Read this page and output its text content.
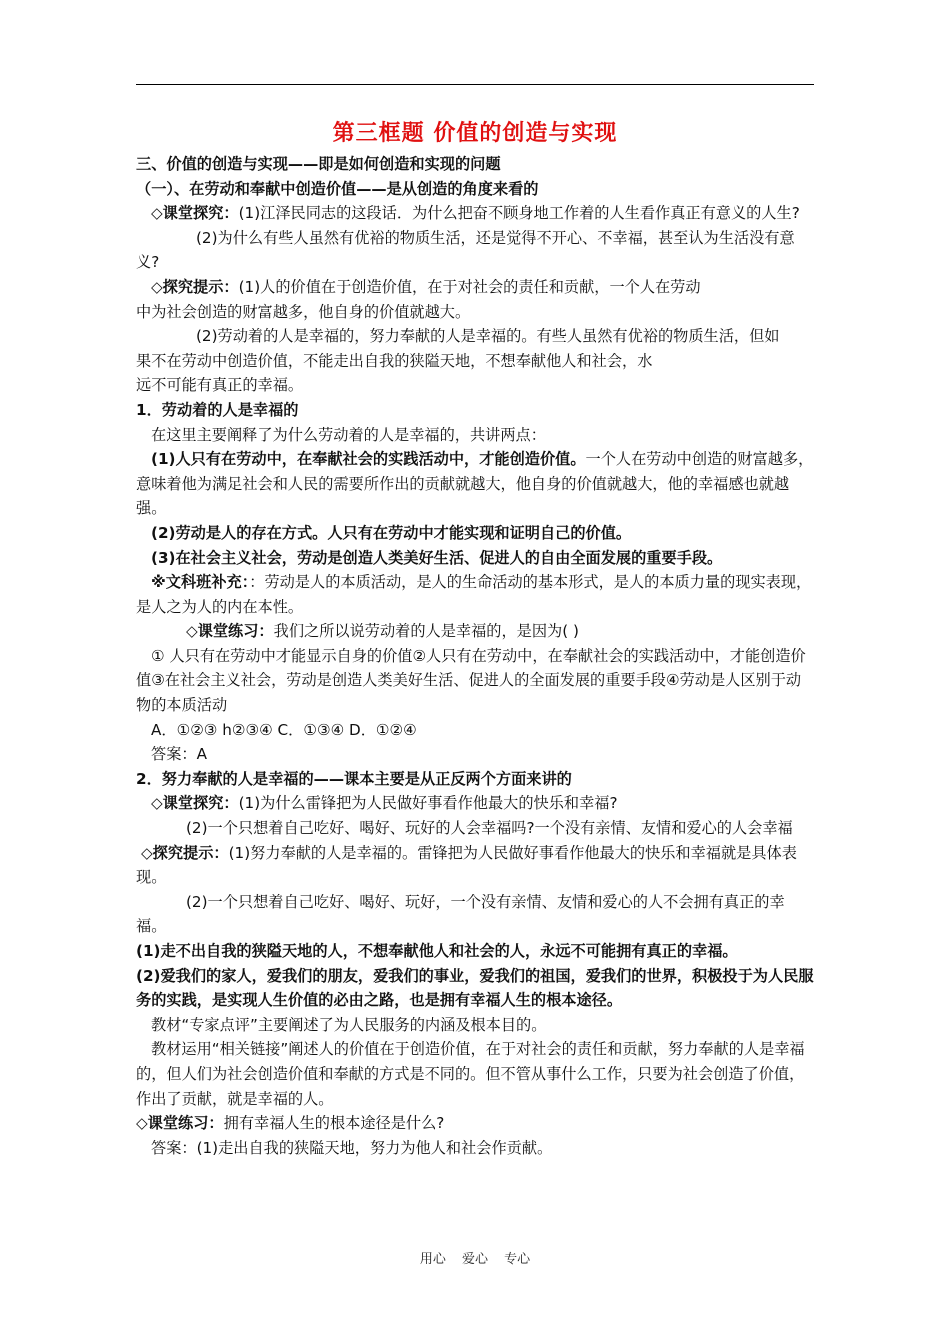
第三框题 价值的创造与实现
三、价值的创造与实现——即是如何创造和实现的问题
（一）、在劳动和奉献中创造价值——是从创造的角度来看的
◇课堂探究：(1)江泽民同志的这段话．为什么把奋不顾身地工作着的人生看作真正有意义的人生?
(2)为什么有些人虽然有优裕的物质生活，还是觉得不开心、不幸福，甚至认为生活没有意义?
◇探究提示：(1)人的价值在于创造价值，在于对社会的责任和贡献，一个人在劳动
中为社会创造的财富越多，他自身的价值就越大。
(2)劳动着的人是幸福的，努力奉献的人是幸福的。有些人虽然有优裕的物质生活，但如
果不在劳动中创造价值，不能走出自我的狭隘天地，不想奉献他人和社会，水
远不可能有真正的幸福。
1．劳动着的人是幸福的
在这里主要阐释了为什么劳动着的人是幸福的，共讲两点：
(1)人只有在劳动中，在奉献社会的实践活动中，才能创造价值。一个人在劳动中创造的财富越多，意味着他为满足社会和人民的需要所作出的贡献就越大，他自身的价值就越大，他的幸福感也就越强。
(2)劳动是人的存在方式。人只有在劳动中才能实现和证明自己的价值。
(3)在社会主义社会，劳动是创造人类美好生活、促进人的自由全面发展的重要手段。
※文科班补充：：劳动是人的本质活动，是人的生命活动的基本形式，是人的本质力量的现实表现，是人之为人的内在本性。
◇课堂练习：我们之所以说劳动着的人是幸福的，是因为( )
① 人只有在劳动中才能显示自身的价值②人只有在劳动中，在奉献社会的实践活动中，才能创造价值③在社会主义社会，劳动是创造人类美好生活、促进人的全面发展的重要手段④劳动是人区别于动物的本质活动
A．①②③ h②③④ C．①③④ D．①②④
答案：A
2．努力奉献的人是幸福的——课本主要是从正反两个方面来讲的
◇课堂探究：(1)为什么雷锋把为人民做好事看作他最大的快乐和幸福?
(2)一个只想着自己吃好、喝好、玩好的人会幸福吗?一个没有亲情、友情和爱心的人会幸福
◇探究提示：(1)努力奉献的人是幸福的。雷锋把为人民做好事看作他最大的快乐和幸福就是具体表现。
(2)一个只想着自己吃好、喝好、玩好，一个没有亲情、友情和爱心的人不会拥有真正的幸福。
(1)走不出自我的狭隘天地的人，不想奉献他人和社会的人，永远不可能拥有真正的幸福。
(2)爱我们的家人，爱我们的朋友，爱我们的事业，爱我们的祖国，爱我们的世界，积极投于为人民服务的实践，是实现人生价值的必由之路，也是拥有幸福人生的根本途径。
教材“专家点评”主要阐述了为人民服务的内涵及根本目的。
教材运用“相关链接”阐述人的价值在于创造价值，在于对社会的责任和贡献，努力奉献的人是幸福的，但人们为社会创造价值和奉献的方式是不同的。但不管从事什么工作，只要为社会创造了价值，作出了贡献，就是幸福的人。
◇课堂练习：拥有幸福人生的根本途径是什么?
答案：(1)走出自我的狭隘天地，努力为他人和社会作贡献。
用心 爱心 专心
